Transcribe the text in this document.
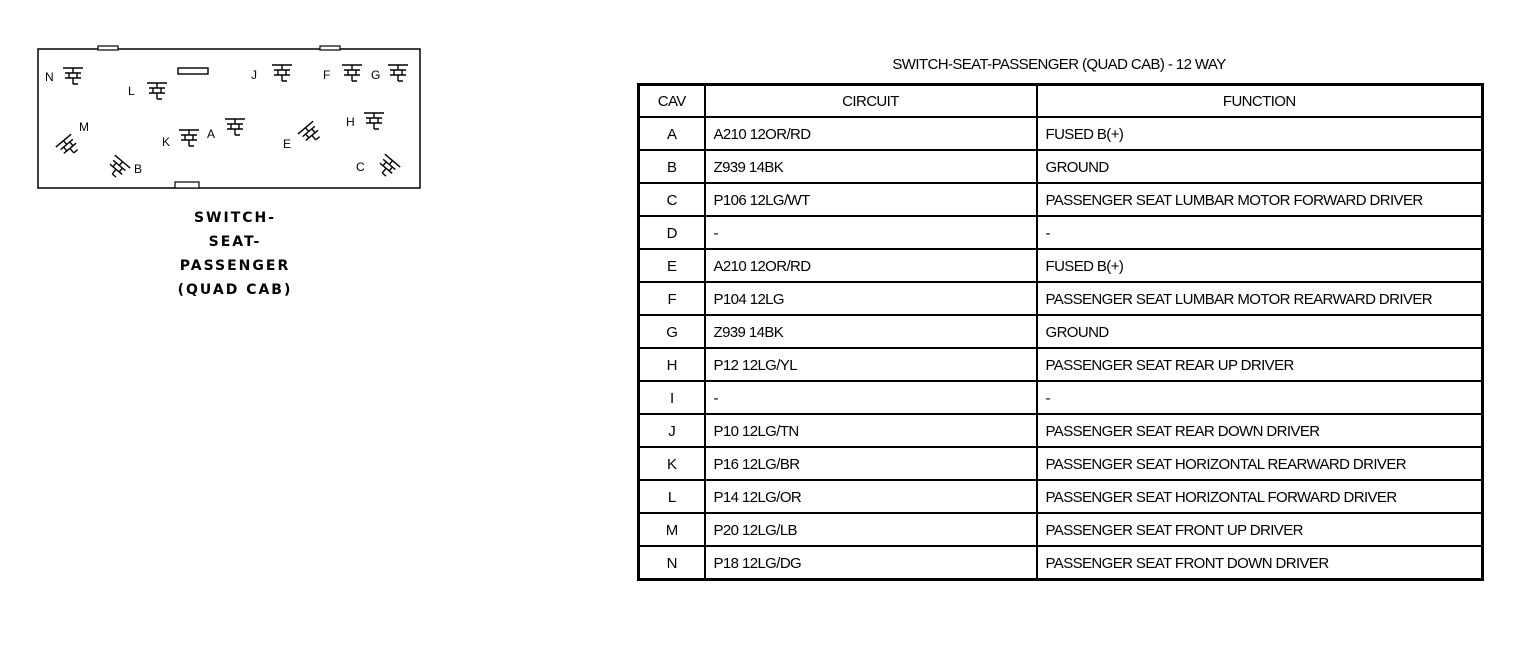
N
L
J	F	G
M
K
A
E
H
B	C
SWITCH-
SEAT-
PASSENGER
(QUAD CAB)
SWITCH-SEAT-PASSENGER (QUAD CAB) - 12 WAY
CAV	CIRCUIT	FUNCTION
A	A210 12OR/RD	FUSED B(+)
B	Z939 14BK	GROUND
C	P106 12LG/WT	PASSENGER SEAT LUMBAR MOTOR FORWARD DRIVER
D	-	-
E	A210 12OR/RD	FUSED B(+)
F	P104 12LG	PASSENGER SEAT LUMBAR MOTOR REARWARD DRIVER
G	Z939 14BK	GROUND
H	P12 12LG/YL	PASSENGER SEAT REAR UP DRIVER
I	-	-
J	P10 12LG/TN	PASSENGER SEAT REAR DOWN DRIVER
K	P16 12LG/BR	PASSENGER SEAT HORIZONTAL REARWARD DRIVER
L	P14 12LG/OR	PASSENGER SEAT HORIZONTAL FORWARD DRIVER
M	P20 12LG/LB	PASSENGER SEAT FRONT UP DRIVER
N	P18 12LG/DG	PASSENGER SEAT FRONT DOWN DRIVER
